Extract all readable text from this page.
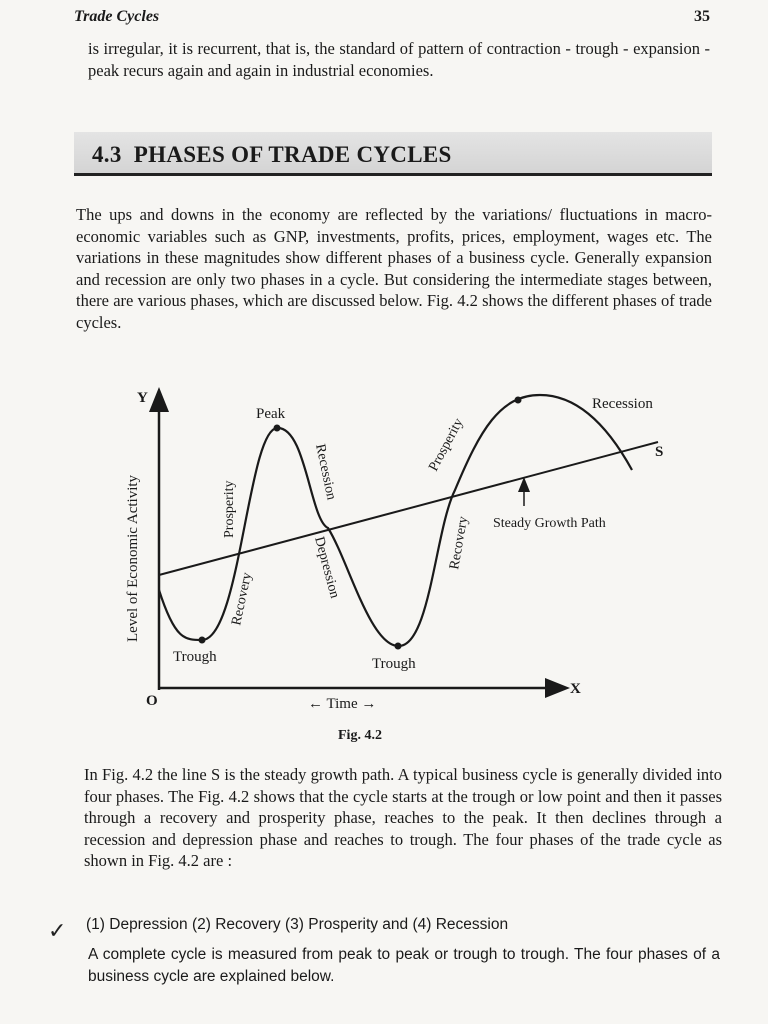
Trade Cycles	35

is irregular, it is recurrent, that is, the standard of pattern of contraction - trough - expansion - peak recurs again and again in industrial economies.

4.3 PHASES OF TRADE CYCLES

The ups and downs in the economy are reflected by the variations/ fluctuations in macro-economic variables such as GNP, investments, profits, prices, employment, wages etc. The variations in these magnitudes show different phases of a business cycle. Generally expansion and recession are only two phases in a cycle. But considering the intermediate stages between, there are various phases, which are discussed below. Fig. 4.2 shows the different phases of trade cycles.

Y
X
O	← Time →
Level of Economic Activity
S
Steady Growth Path
Peak
Recession
Trough	Trough
Prosperity
Recovery
Recession
Depression	Recovery
Prosperity
Fig. 4.2

In Fig. 4.2 the line S is the steady growth path. A typical business cycle is generally divided into four phases. The Fig. 4.2 shows that the cycle starts at the trough or low point and then it passes through a recovery and prosperity phase, reaches to the peak. It then declines through a recession and depression phase and reaches to trough. The four phases of the trade cycle as shown in Fig. 4.2 are :

✓ (1) Depression (2) Recovery (3) Prosperity and (4) Recession

A complete cycle is measured from peak to peak or trough to trough. The four phases of a business cycle are explained below.
